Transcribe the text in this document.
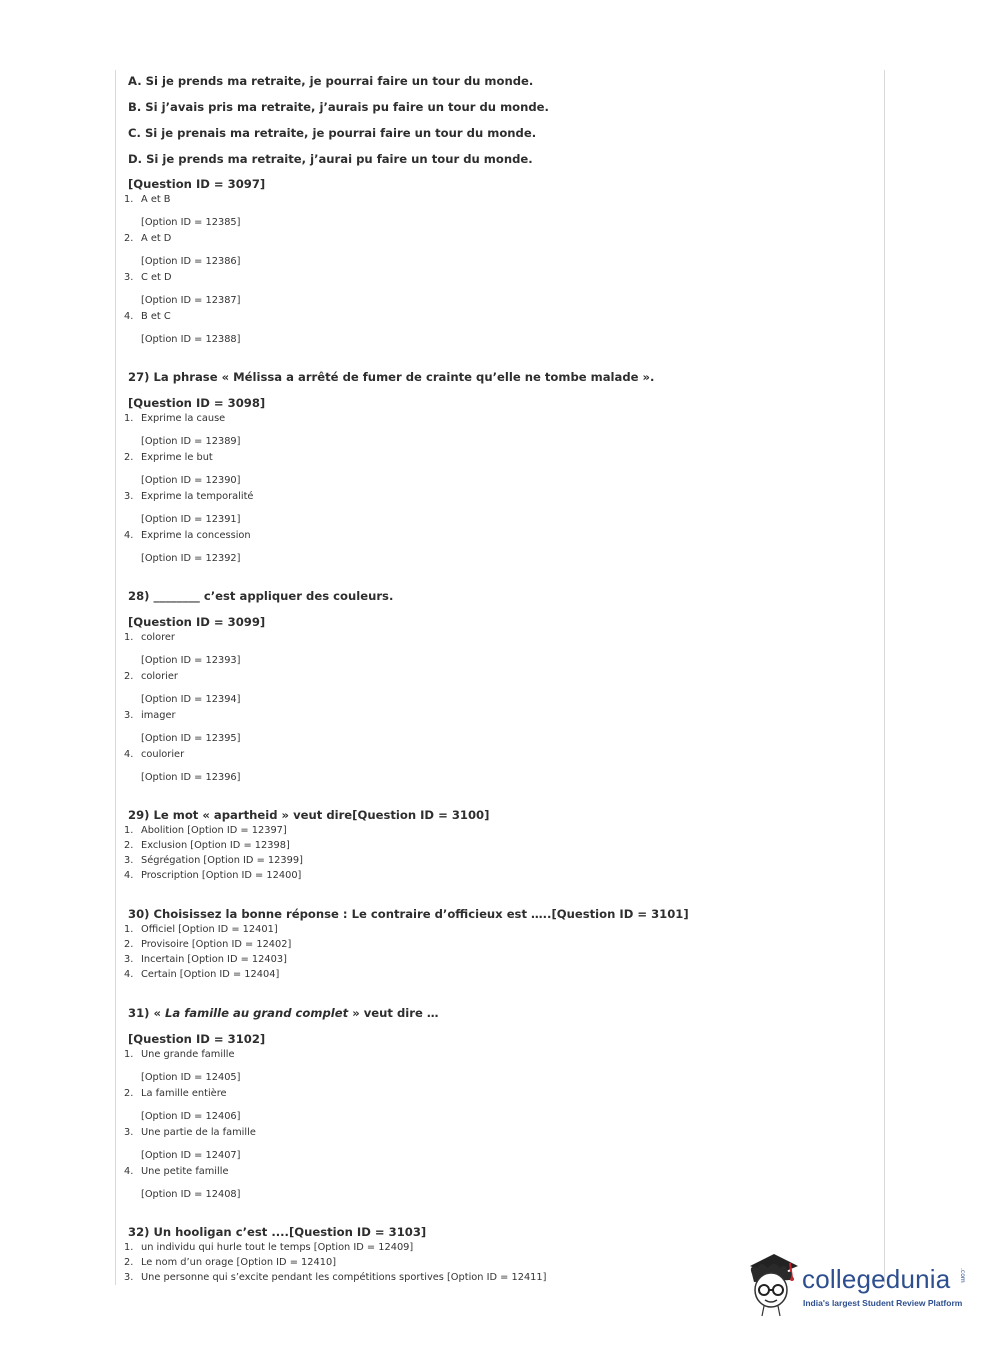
A. Si je prends ma retraite, je pourrai faire un tour du monde.
B. Si j’avais pris ma retraite, j’aurais pu faire un tour du monde.
C. Si je prenais ma retraite, je pourrai faire un tour du monde.
D. Si je prends ma retraite, j’aurai pu faire un tour du monde.
[Question ID = 3097]
1. A et B
[Option ID = 12385]
2. A et D
[Option ID = 12386]
3. C et D
[Option ID = 12387]
4. B et C
[Option ID = 12388]
27) La phrase « Mélissa a arrêté de fumer de crainte qu’elle ne tombe malade ».
[Question ID = 3098]
1. Exprime la cause
[Option ID = 12389]
2. Exprime le but
[Option ID = 12390]
3. Exprime la temporalité
[Option ID = 12391]
4. Exprime la concession
[Option ID = 12392]
28) ________ c’est appliquer des couleurs.
[Question ID = 3099]
1. colorer
[Option ID = 12393]
2. colorier
[Option ID = 12394]
3. imager
[Option ID = 12395]
4. coulorier
[Option ID = 12396]
29) Le mot « apartheid » veut dire[Question ID = 3100]
1. Abolition [Option ID = 12397]
2. Exclusion [Option ID = 12398]
3. Ségrégation [Option ID = 12399]
4. Proscription [Option ID = 12400]
30) Choisissez la bonne réponse : Le contraire d’officieux est …..[Question ID = 3101]
1. Officiel [Option ID = 12401]
2. Provisoire [Option ID = 12402]
3. Incertain [Option ID = 12403]
4. Certain [Option ID = 12404]
31) « La famille au grand complet » veut dire …
[Question ID = 3102]
1. Une grande famille
[Option ID = 12405]
2. La famille entière
[Option ID = 12406]
3. Une partie de la famille
[Option ID = 12407]
4. Une petite famille
[Option ID = 12408]
32) Un hooligan c’est ....[Question ID = 3103]
1. un individu qui hurle tout le temps [Option ID = 12409]
2. Le nom d’un orage [Option ID = 12410]
3. Une personne qui s’excite pendant les compétitions sportives [Option ID = 12411]	collegedunia .com
India's largest Student Review Platform
